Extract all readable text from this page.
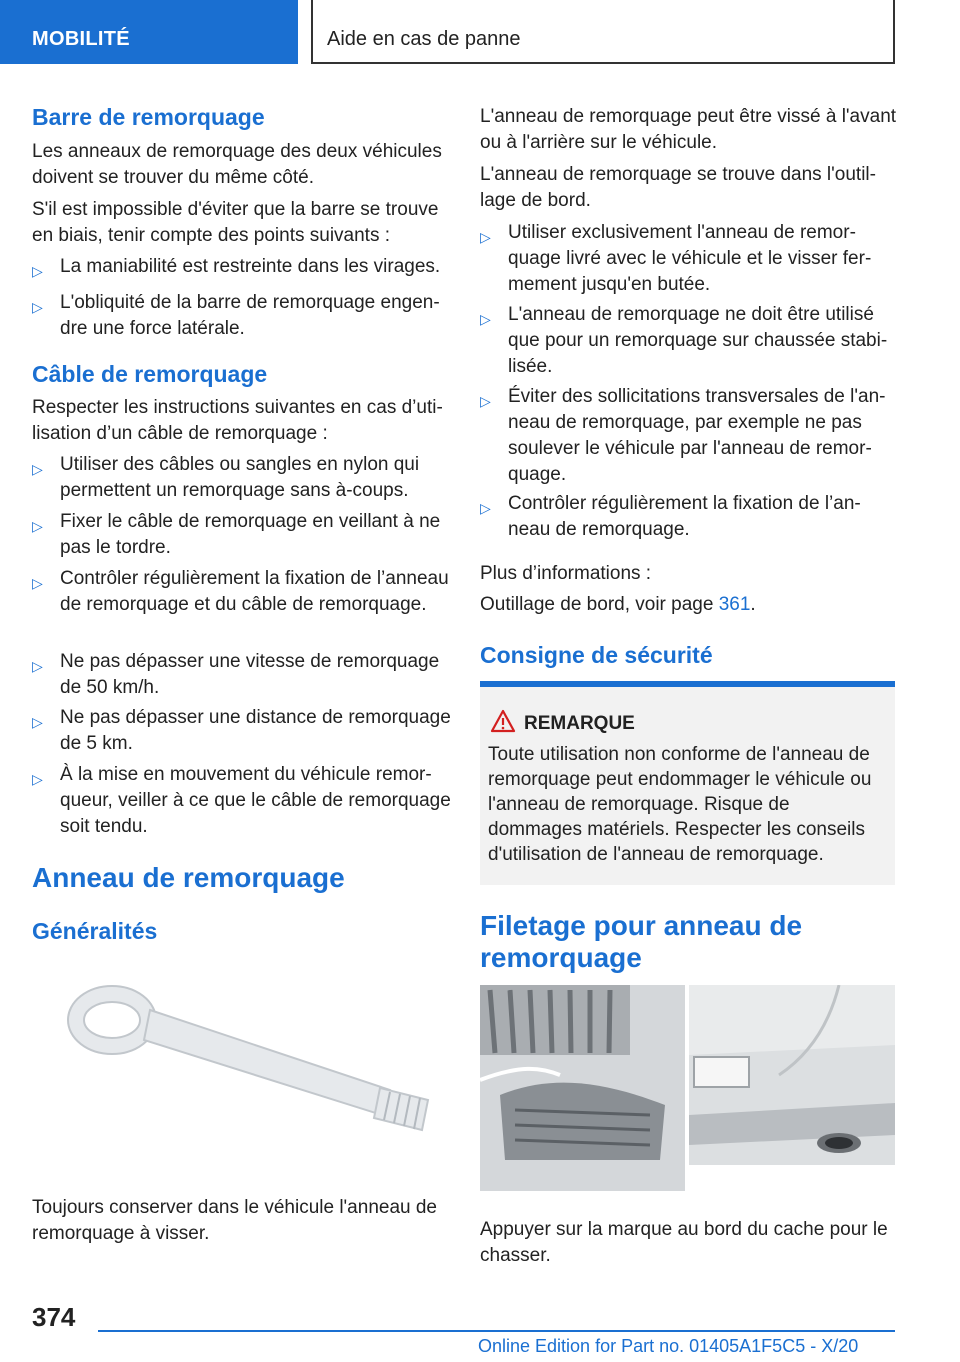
MOBILITÉ	Aide en cas de panne
Barre de remorquage
Les anneaux de remorquage des deux véhicules doivent se trouver du même côté.
S'il est impossible d'éviter que la barre se trouve en biais, tenir compte des points suivants :
▷ La maniabilité est restreinte dans les virages.
▷ L'obliquité de la barre de remorquage engendre une force latérale.
Câble de remorquage
Respecter les instructions suivantes en cas d’utilisation d’un câble de remorquage :
▷ Utiliser des câbles ou sangles en nylon qui permettent un remorquage sans à-coups.
▷ Fixer le câble de remorquage en veillant à ne pas le tordre.
▷ Contrôler régulièrement la fixation de l’anneau de remorquage et du câble de remorquage.
▷ Ne pas dépasser une vitesse de remorquage de 50 km/h.
▷ Ne pas dépasser une distance de remorquage de 5 km.
▷ À la mise en mouvement du véhicule remorqueur, veiller à ce que le câble de remorquage soit tendu.
Anneau de remorquage
Généralités
Toujours conserver dans le véhicule l'anneau de remorquage à visser.
L'anneau de remorquage peut être vissé à l'avant ou à l'arrière sur le véhicule.
L'anneau de remorquage se trouve dans l'outillage de bord.
▷ Utiliser exclusivement l'anneau de remorquage livré avec le véhicule et le visser fermement jusqu'en butée.
▷ L'anneau de remorquage ne doit être utilisé que pour un remorquage sur chaussée stabilisée.
▷ Éviter des sollicitations transversales de l'anneau de remorquage, par exemple ne pas soulever le véhicule par l'anneau de remorquage.
▷ Contrôler régulièrement la fixation de l’anneau de remorquage.
Plus d’informations :
Outillage de bord, voir page 361.
Consigne de sécurité
REMARQUE
Toute utilisation non conforme de l'anneau de remorquage peut endommager le véhicule ou l'anneau de remorquage. Risque de dommages matériels. Respecter les conseils d'utilisation de l'anneau de remorquage.
Filetage pour anneau de remorquage
Appuyer sur la marque au bord du cache pour le chasser.
374
Online Edition for Part no. 01405A1F5C5 - X/20
